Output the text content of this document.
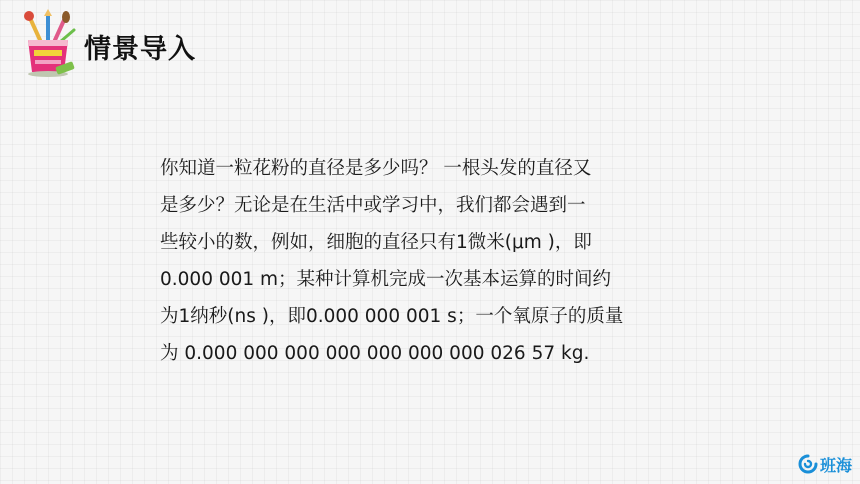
情景导入
你知道一粒花粉的直径是多少吗？ 一根头发的直径又
是多少？无论是在生活中或学习中，我们都会遇到一
些较小的数，例如，细胞的直径只有1微米(μm )，即
0.000 001 m；某种计算机完成一次基本运算的时间约
为1纳秒(ns )，即0.000 000 001 s；一个氧原子的质量
为 0.000 000 000 000 000 000 000 026 57 kg.
班海
